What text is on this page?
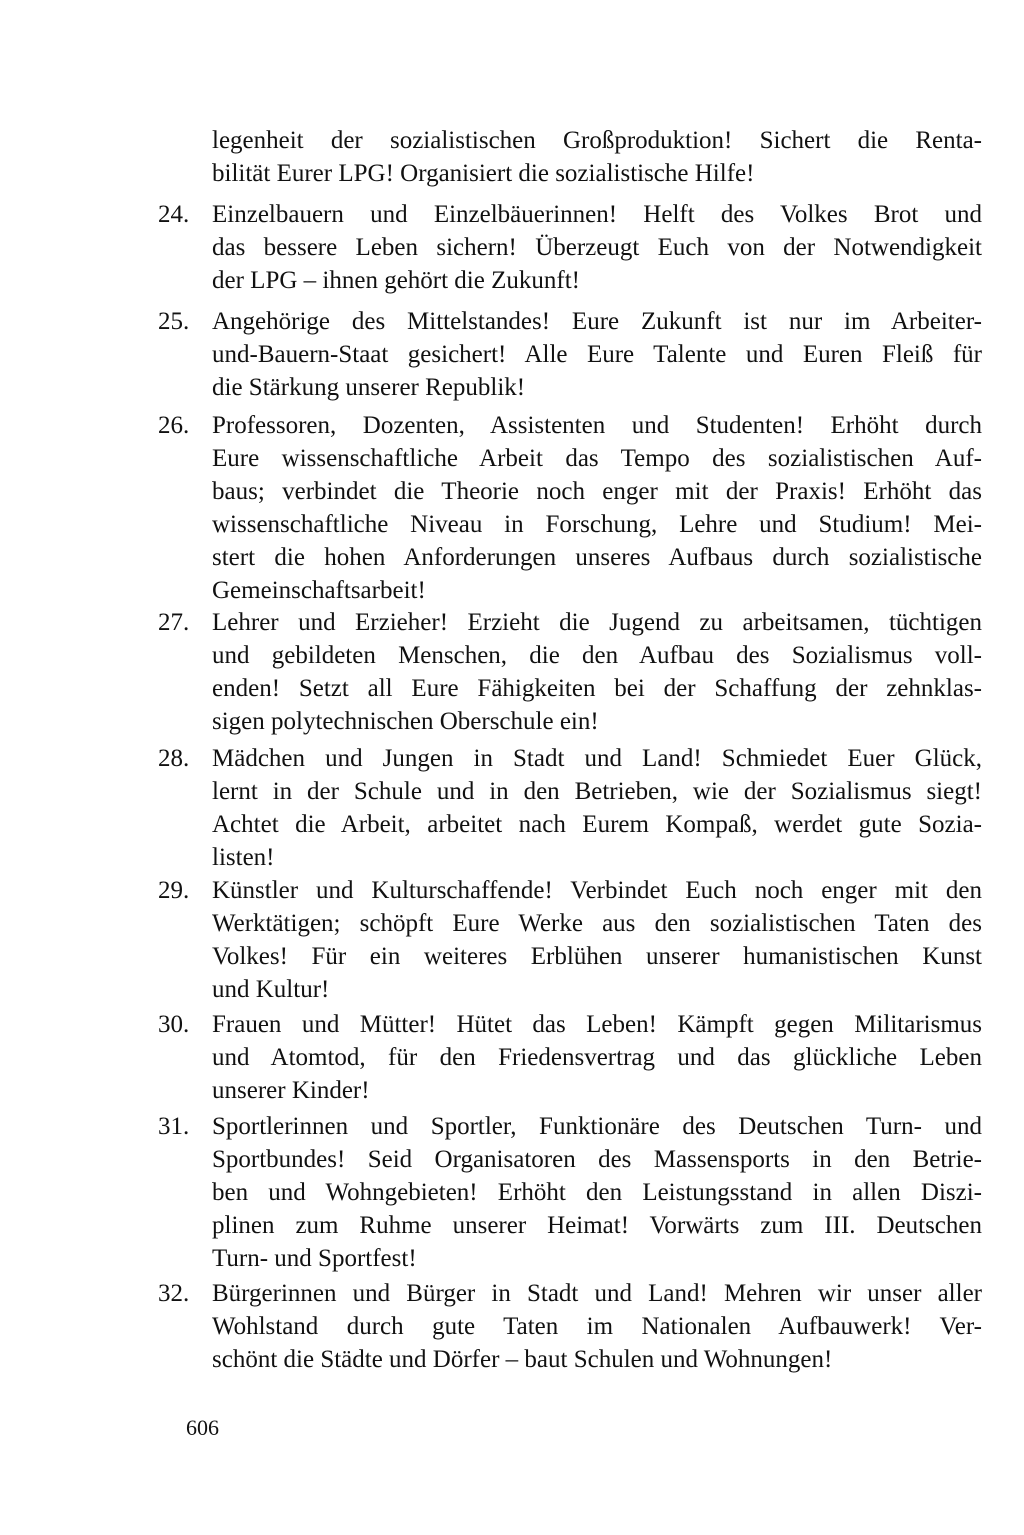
legenheit der sozialistischen Großproduktion! Sichert die Renta-
bilität Eurer LPG! Organisiert die sozialistische Hilfe!
24. Einzelbauern und Einzelbäuerinnen! Helft des Volkes Brot und
das bessere Leben sichern! Überzeugt Euch von der Notwendigkeit
der LPG – ihnen gehört die Zukunft!
25. Angehörige des Mittelstandes! Eure Zukunft ist nur im Arbeiter-
und-Bauern-Staat gesichert! Alle Eure Talente und Euren Fleiß für
die Stärkung unserer Republik!
26. Professoren, Dozenten, Assistenten und Studenten! Erhöht durch
Eure wissenschaftliche Arbeit das Tempo des sozialistischen Auf-
baus; verbindet die Theorie noch enger mit der Praxis! Erhöht das
wissenschaftliche Niveau in Forschung, Lehre und Studium! Mei-
stert die hohen Anforderungen unseres Aufbaus durch sozialistische
Gemeinschaftsarbeit!
27. Lehrer und Erzieher! Erzieht die Jugend zu arbeitsamen, tüchtigen
und gebildeten Menschen, die den Aufbau des Sozialismus voll-
enden! Setzt all Eure Fähigkeiten bei der Schaffung der zehnklas-
sigen polytechnischen Oberschule ein!
28. Mädchen und Jungen in Stadt und Land! Schmiedet Euer Glück,
lernt in der Schule und in den Betrieben, wie der Sozialismus siegt!
Achtet die Arbeit, arbeitet nach Eurem Kompaß, werdet gute Sozia-
listen!
29. Künstler und Kulturschaffende! Verbindet Euch noch enger mit den
Werktätigen; schöpft Eure Werke aus den sozialistischen Taten des
Volkes! Für ein weiteres Erblühen unserer humanistischen Kunst
und Kultur!
30. Frauen und Mütter! Hütet das Leben! Kämpft gegen Militarismus
und Atomtod, für den Friedensvertrag und das glückliche Leben
unserer Kinder!
31. Sportlerinnen und Sportler, Funktionäre des Deutschen Turn- und
Sportbundes! Seid Organisatoren des Massensports in den Betrie-
ben und Wohngebieten! Erhöht den Leistungsstand in allen Diszi-
plinen zum Ruhme unserer Heimat! Vorwärts zum III. Deutschen
Turn- und Sportfest!
32. Bürgerinnen und Bürger in Stadt und Land! Mehren wir unser aller
Wohlstand durch gute Taten im Nationalen Aufbauwerk! Ver-
schönt die Städte und Dörfer – baut Schulen und Wohnungen!
606
